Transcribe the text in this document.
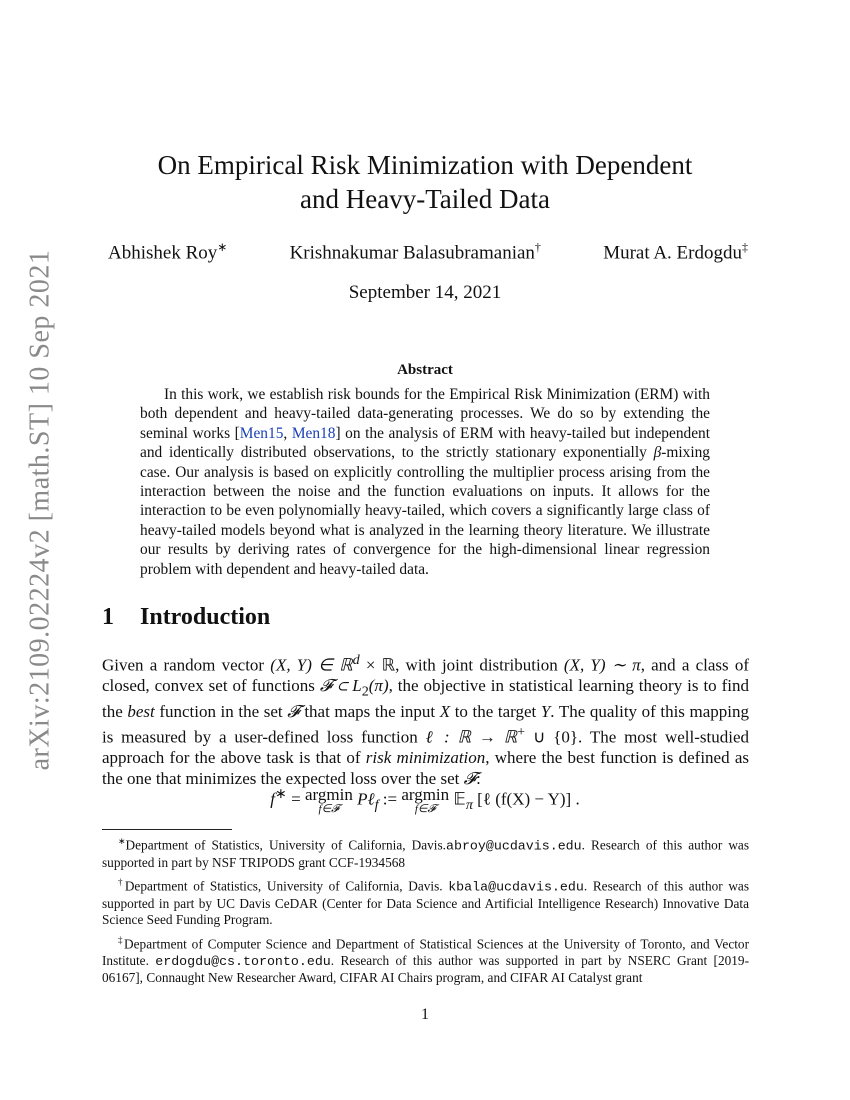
arXiv:2109.02224v2 [math.ST] 10 Sep 2021
On Empirical Risk Minimization with Dependent
and Heavy-Tailed Data
Abhishek Roy∗	Krishnakumar Balasubramanian†	Murat A. Erdogdu‡
September 14, 2021
Abstract
In this work, we establish risk bounds for the Empirical Risk Minimization (ERM) with both dependent and heavy-tailed data-generating processes. We do so by extending the seminal works [Men15, Men18] on the analysis of ERM with heavy-tailed but independent and identically distributed observations, to the strictly stationary exponentially β-mixing case. Our analysis is based on explicitly controlling the multiplier process arising from the interaction between the noise and the function evaluations on inputs. It allows for the interaction to be even polynomially heavy-tailed, which covers a significantly large class of heavy-tailed models beyond what is analyzed in the learning theory literature. We illustrate our results by deriving rates of convergence for the high-dimensional linear regression problem with dependent and heavy-tailed data.
1 Introduction
Given a random vector (X, Y) ∈ ℝ$^d$ × ℝ, with joint distribution (X, Y) ∼ π, and a class of closed, convex set of functions 𝓕 ⊂ $L_2(\pi)$, the objective in statistical learning theory is to find the best function in the set 𝓕 that maps the input X to the target Y. The quality of this mapping is measured by a user-defined loss function ℓ : ℝ → ℝ+ ∪ {0}. The most well-studied approach for the above task is that of risk minimization, where the best function is defined as the one that minimizes the expected loss over the set 𝓕:
f∗ = argmin
f∈𝓕
Pℓ$_f$ := argmin
f∈𝓕
𝔼$_\pi$ [ℓ (f(X) − Y)] .

∗Department of Statistics, University of California, Davis.abroy@ucdavis.edu. Research of this author was supported in part by NSF TRIPODS grant CCF-1934568

†Department of Statistics, University of California, Davis. kbala@ucdavis.edu. Research of this author was supported in part by UC Davis CeDAR (Center for Data Science and Artificial Intelligence Research) Innovative Data Science Seed Funding Program.

‡Department of Computer Science and Department of Statistical Sciences at the University of Toronto, and Vector Institute. erdogdu@cs.toronto.edu. Research of this author was supported in part by NSERC Grant [2019-06167], Connaught New Researcher Award, CIFAR AI Chairs program, and CIFAR AI Catalyst grant

1
